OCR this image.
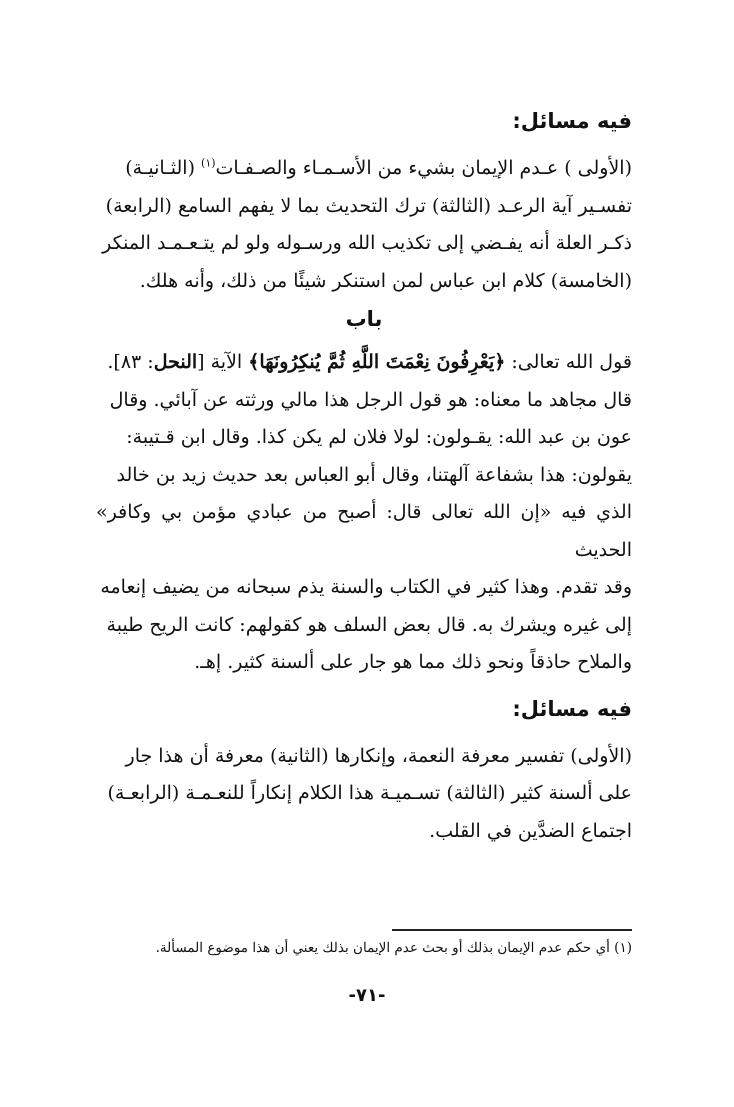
فيه مسائل:
(الأولى ) عـدم الإيمان بشيء من الأسـمـاء والصـفـات$^{(١)}$ (الثـانيـة)
تفسـير آية الرعـد (الثالثة) ترك التحديث بما لا يفهم السامع (الرابعة)
ذكـر العلة أنه يفـضي إلى تكذيب الله ورسـوله ولو لم يتـعـمـد المنكر
(الخامسة) كلام ابن عباس لمن استنكر شيئًا من ذلك، وأنه هلك.
باب
قول الله تعالى: ﴿يَعْرِفُونَ نِعْمَتَ اللَّهِ ثُمَّ يُنكِرُونَهَا﴾ الآية [النحل: ٨٣].
قال مجاهد ما معناه: هو قول الرجل هذا مالي ورثته عن آبائي. وقال
عون بن عبد الله: يقـولون: لولا فلان لم يكن كذا. وقال ابن قـتيبة:
يقولون: هذا بشفاعة آلهتنا، وقال أبو العباس بعد حديث زيد بن خالد
الذي فيه «إن الله تعالى قال: أصبح من عبادي مؤمن بي وكافر» الحديث
وقد تقدم. وهذا كثير في الكتاب والسنة يذم سبحانه من يضيف إنعامه
إلى غيره ويشرك به. قال بعض السلف هو كقولهم: كانت الريح طيبة
والملاح حاذقاً ونحو ذلك مما هو جار على ألسنة كثير. إهـ.
فيه مسائل:
(الأولى) تفسير معرفة النعمة، وإنكارها (الثانية) معرفة أن هذا جار
على ألسنة كثير (الثالثة) تسـميـة هذا الكلام إنكاراً للنعـمـة (الرابعـة)
اجتماع الضدَّين في القلب.
(١) أي حكم عدم الإيمان بذلك أو بحث عدم الإيمان بذلك يعني أن هذا موضوع المسألة.
-٧١-
